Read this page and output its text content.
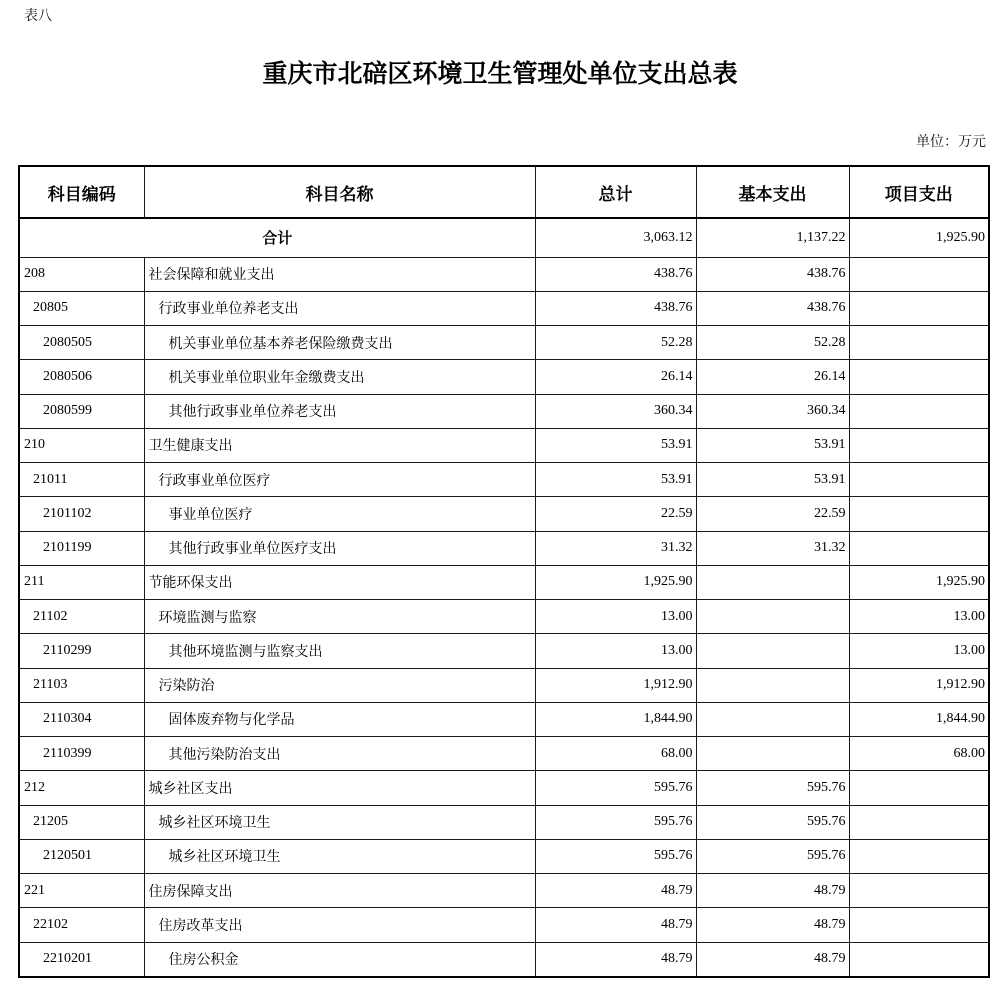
表八
重庆市北碚区环境卫生管理处单位支出总表
单位：万元
科目编码	科目名称	总计	基本支出	项目支出
合计		3,063.12	1,137.22	1,925.90
208	社会保障和就业支出	438.76	438.76	
20805	行政事业单位养老支出	438.76	438.76	
2080505	机关事业单位基本养老保险缴费支出	52.28	52.28	
2080506	机关事业单位职业年金缴费支出	26.14	26.14	
2080599	其他行政事业单位养老支出	360.34	360.34	
210	卫生健康支出	53.91	53.91	
21011	行政事业单位医疗	53.91	53.91	
2101102	事业单位医疗	22.59	22.59	
2101199	其他行政事业单位医疗支出	31.32	31.32	
211	节能环保支出	1,925.90		1,925.90
21102	环境监测与监察	13.00		13.00
2110299	其他环境监测与监察支出	13.00		13.00
21103	污染防治	1,912.90		1,912.90
2110304	固体废弃物与化学品	1,844.90		1,844.90
2110399	其他污染防治支出	68.00		68.00
212	城乡社区支出	595.76	595.76	
21205	城乡社区环境卫生	595.76	595.76	
2120501	城乡社区环境卫生	595.76	595.76	
221	住房保障支出	48.79	48.79	
22102	住房改革支出	48.79	48.79	
2210201	住房公积金	48.79	48.79	
